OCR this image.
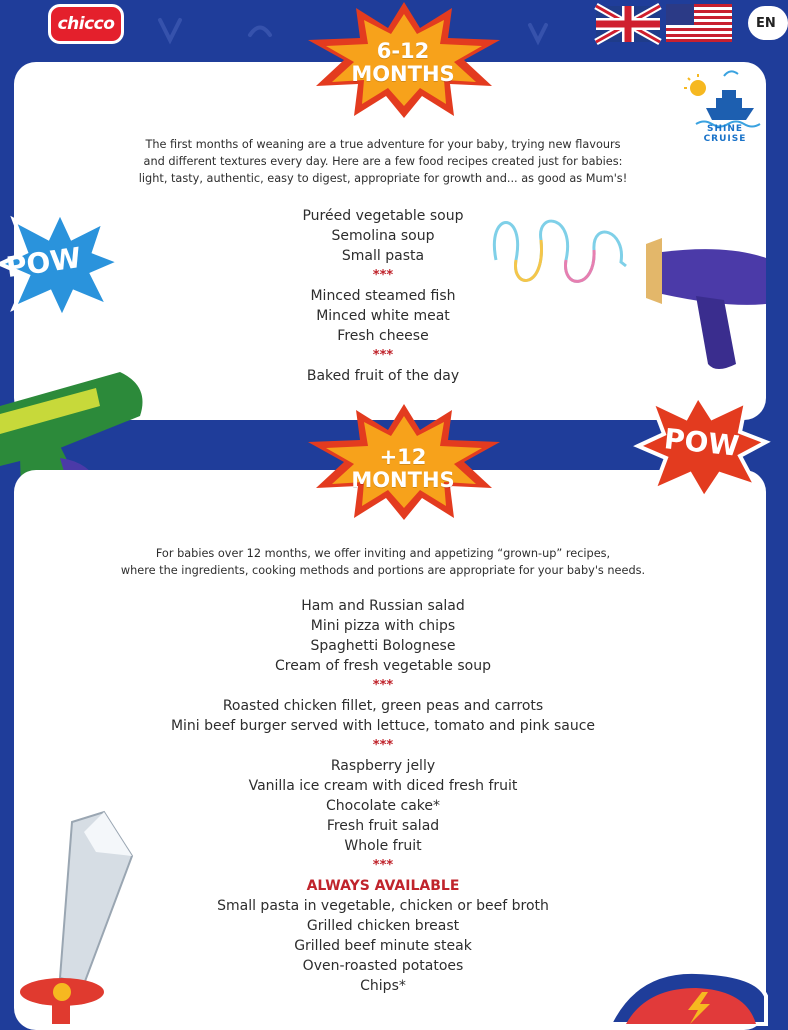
chicco	EN
SHINE CRUISE
6-12
MONTHS
The first months of weaning are a true adventure for your baby, trying new flavours
and different textures every day. Here are a few food recipes created just for babies:
light, tasty, authentic, easy to digest, appropriate for growth and... as good as Mum's!
Puréed vegetable soup
Semolina soup
Small pasta
***
Minced steamed fish
Minced white meat
Fresh cheese
***
Baked fruit of the day
POW
POW
+12
MONTHS
For babies over 12 months, we offer inviting and appetizing “grown-up” recipes,
where the ingredients, cooking methods and portions are appropriate for your baby's needs.
Ham and Russian salad
Mini pizza with chips
Spaghetti Bolognese
Cream of fresh vegetable soup
***
Roasted chicken fillet, green peas and carrots
Mini beef burger served with lettuce, tomato and pink sauce
***
Raspberry jelly
Vanilla ice cream with diced fresh fruit
Chocolate cake*
Fresh fruit salad
Whole fruit
***
ALWAYS AVAILABLE
Small pasta in vegetable, chicken or beef broth
Grilled chicken breast
Grilled beef minute steak
Oven-roasted potatoes
Chips*
